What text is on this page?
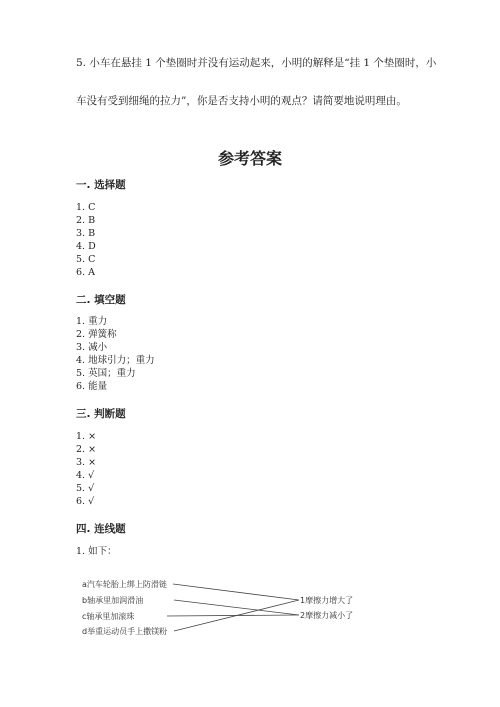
5. 小车在悬挂 1 个垫圈时并没有运动起来，小明的解释是“挂 1 个垫圈时，小
车没有受到细绳的拉力”，你是否支持小明的观点？请简要地说明理由。
参考答案
一. 选择题
1. C
2. B
3. B
4. D
5. C
6. A
二. 填空题
1. 重力
2. 弹簧称
3. 减小
4. 地球引力；重力
5. 英国；重力
6. 能量
三. 判断题
1. ×
2. ×
3. ×
4. √
5. √
6. √
四. 连线题
1. 如下：
a汽车轮胎上绑上防滑链
b轴承里加润滑油
c轴承里加滚珠
d举重运动员手上撒镁粉
1摩擦力增大了
2摩擦力减小了
